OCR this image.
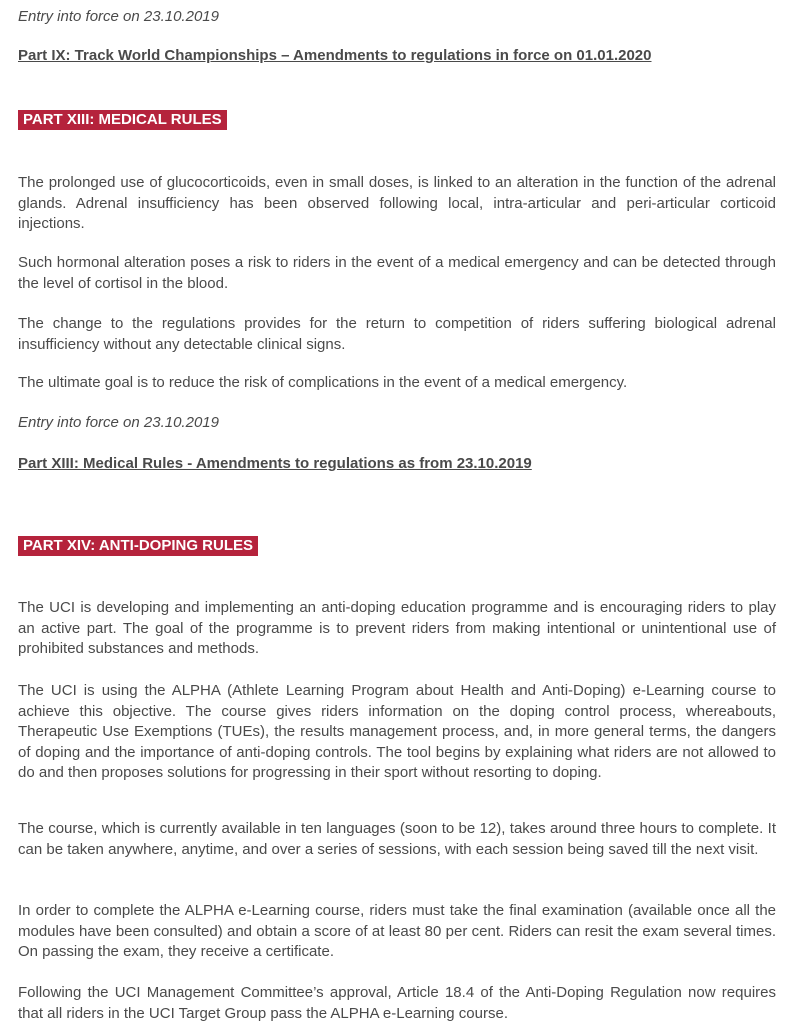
Entry into force on 23.10.2019

Part IX: Track World Championships – Amendments to regulations in force on 01.01.2020

PART XIII: MEDICAL RULES

The prolonged use of glucocorticoids, even in small doses, is linked to an alteration in the function of the adrenal glands. Adrenal insufficiency has been observed following local, intra-articular and peri-articular corticoid injections.

Such hormonal alteration poses a risk to riders in the event of a medical emergency and can be detected through the level of cortisol in the blood.

The change to the regulations provides for the return to competition of riders suffering biological adrenal insufficiency without any detectable clinical signs.

The ultimate goal is to reduce the risk of complications in the event of a medical emergency.

Entry into force on 23.10.2019

Part XIII: Medical Rules - Amendments to regulations as from 23.10.2019

PART XIV: ANTI-DOPING RULES

The UCI is developing and implementing an anti-doping education programme and is encouraging riders to play an active part. The goal of the programme is to prevent riders from making intentional or unintentional use of prohibited substances and methods.

The UCI is using the ALPHA (Athlete Learning Program about Health and Anti-Doping) e-Learning course to achieve this objective. The course gives riders information on the doping control process, whereabouts, Therapeutic Use Exemptions (TUEs), the results management process, and, in more general terms, the dangers of doping and the importance of anti-doping controls. The tool begins by explaining what riders are not allowed to do and then proposes solutions for progressing in their sport without resorting to doping.

The course, which is currently available in ten languages (soon to be 12), takes around three hours to complete. It can be taken anywhere, anytime, and over a series of sessions, with each session being saved till the next visit.

In order to complete the ALPHA e-Learning course, riders must take the final examination (available once all the modules have been consulted) and obtain a score of at least 80 per cent. Riders can resit the exam several times. On passing the exam, they receive a certificate.

Following the UCI Management Committee’s approval, Article 18.4 of the Anti-Doping Regulation now requires that all riders in the UCI Target Group pass the ALPHA e-Learning course.
